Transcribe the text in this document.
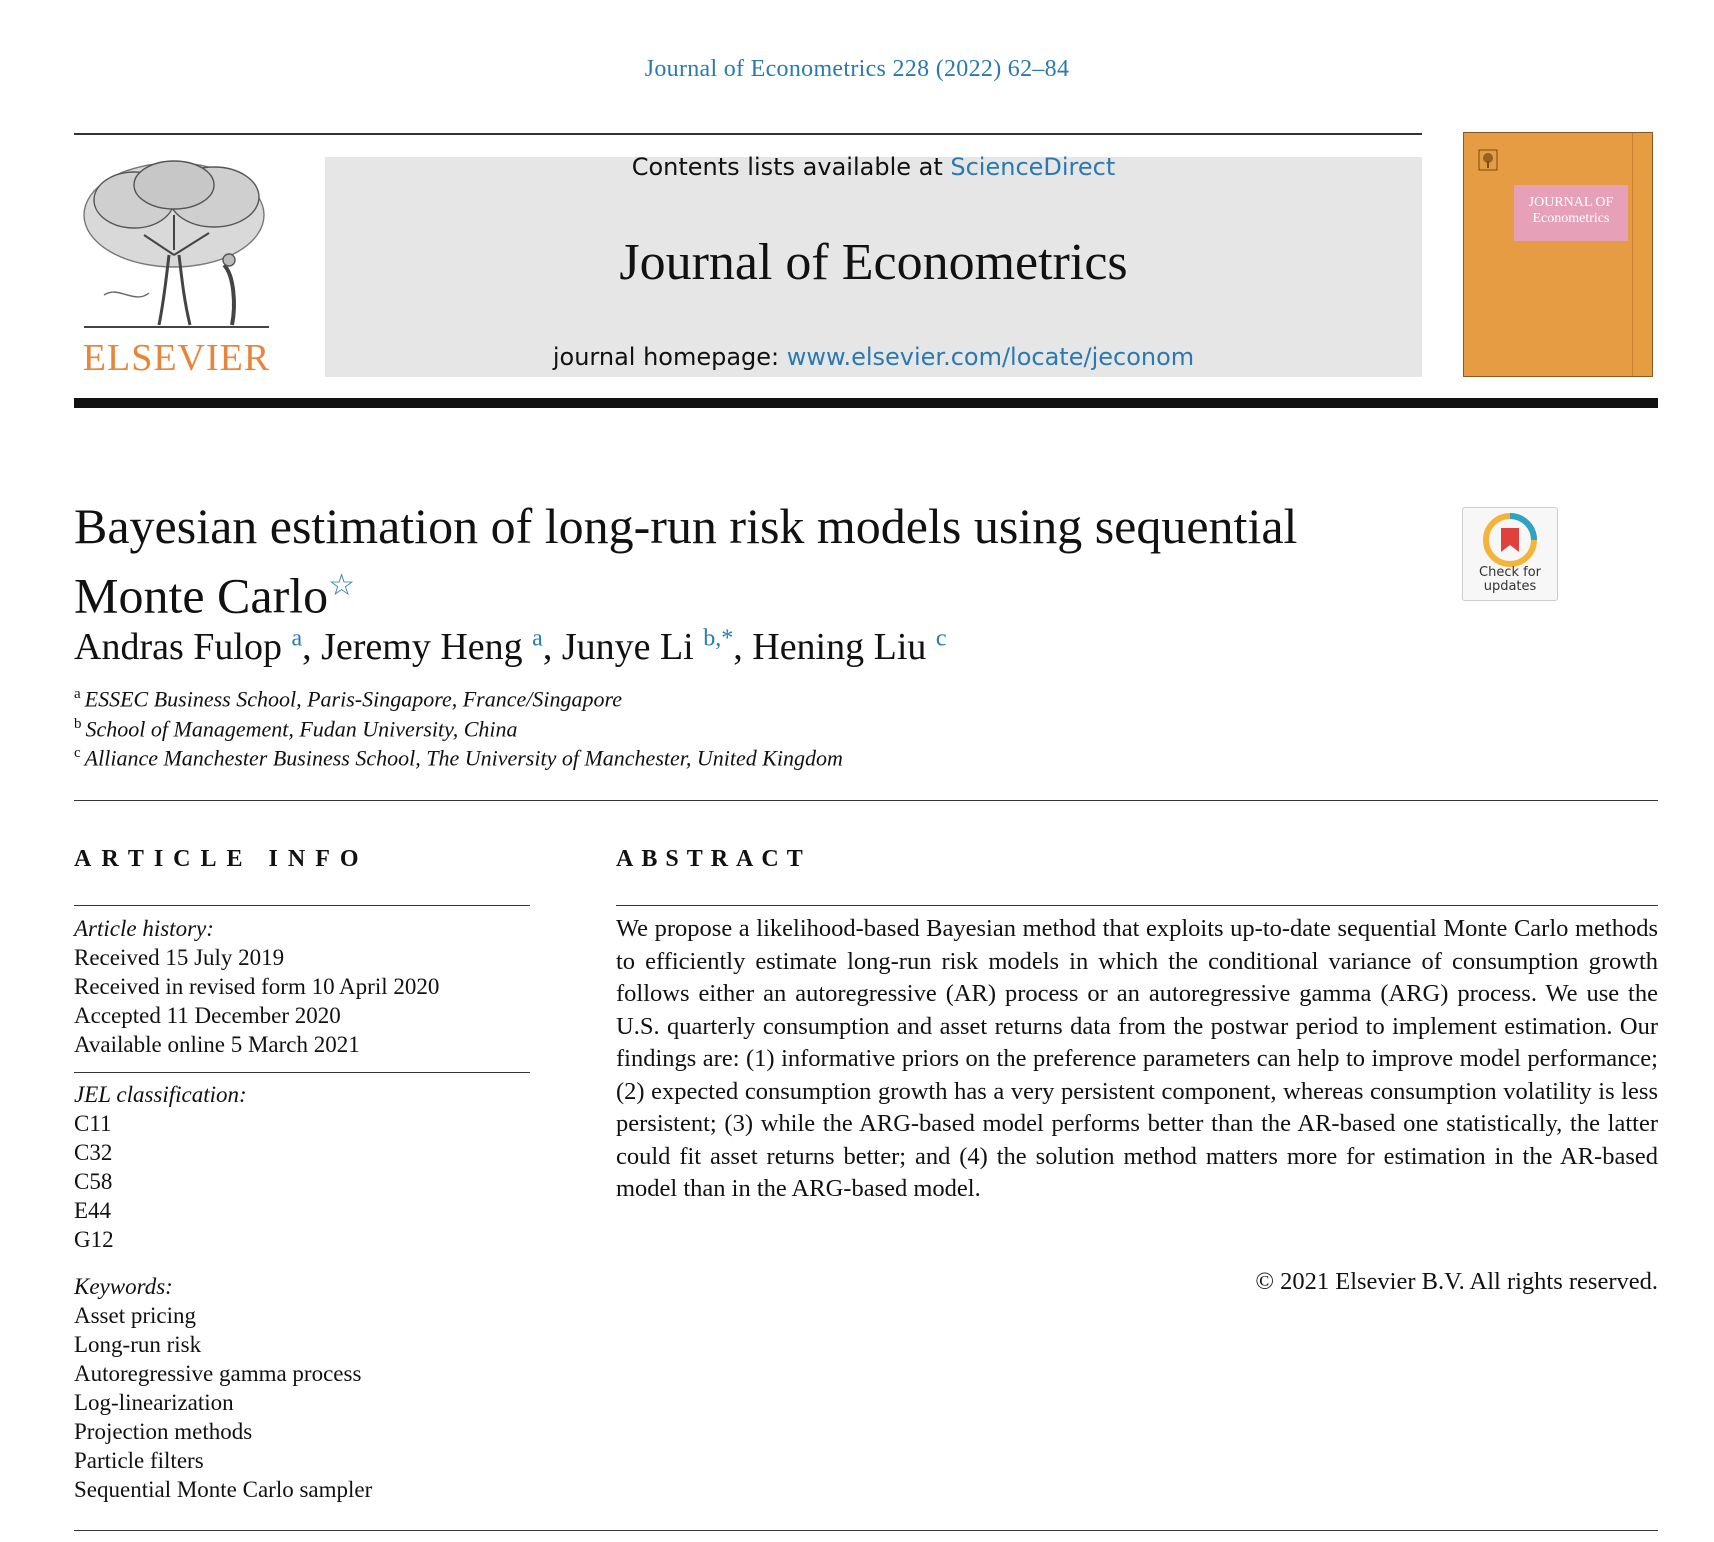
Journal of Econometrics 228 (2022) 62–84
ELSEVIER
Contents lists available at ScienceDirect
Journal of Econometrics
journal homepage: www.elsevier.com/locate/jeconom
JOURNAL OF
Econometrics
Bayesian estimation of long-run risk models using sequential
Monte Carlo☆	Check for
updates
Andras Fulop $^a$, Jeremy Heng $^a$, Junye Li $^{b,*}$, Hening Liu $^c$
$^a$ ESSEC Business School, Paris-Singapore, France/Singapore
$^b$ School of Management, Fudan University, China
$^c$ Alliance Manchester Business School, The University of Manchester, United Kingdom
ARTICLE INFO
Article history:
Received 15 July 2019
Received in revised form 10 April 2020
Accepted 11 December 2020
Available online 5 March 2021
JEL classification:
C11
C32
C58
E44
G12
Keywords:
Asset pricing
Long-run risk
Autoregressive gamma process
Log-linearization
Projection methods
Particle filters
Sequential Monte Carlo sampler
ABSTRACT
We propose a likelihood-based Bayesian method that exploits up-to-date sequential Monte Carlo methods to efficiently estimate long-run risk models in which the conditional variance of consumption growth follows either an autoregressive (AR) process or an autoregressive gamma (ARG) process. We use the U.S. quarterly consumption and asset returns data from the postwar period to implement estimation. Our findings are: (1) informative priors on the preference parameters can help to improve model performance; (2) expected consumption growth has a very persistent component, whereas consumption volatility is less persistent; (3) while the ARG-based model performs better than the AR-based one statistically, the latter could fit asset returns better; and (4) the solution method matters more for estimation in the AR-based model than in the ARG-based model.
© 2021 Elsevier B.V. All rights reserved.
